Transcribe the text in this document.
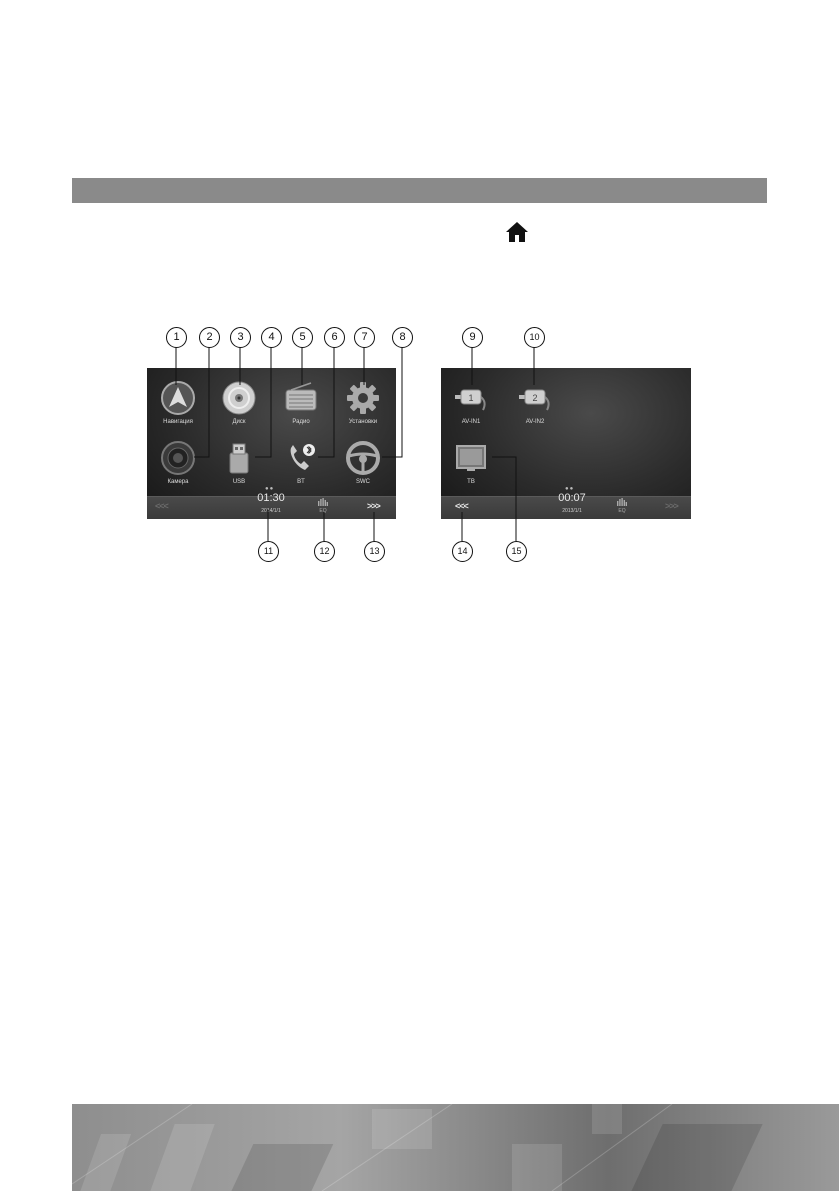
Навигация	Диск	Радио	Установки
Камера	USB	BT	SWC
●●
<<<
01:30
2014/1/1	EQ	>>>
1
AV-IN1
2
AV-IN2
TB
●●
<<<
00:07
2013/1/1	EQ	>>>
1	2	3	4	5	6	7	8	9	10
11	12	13	14	15
